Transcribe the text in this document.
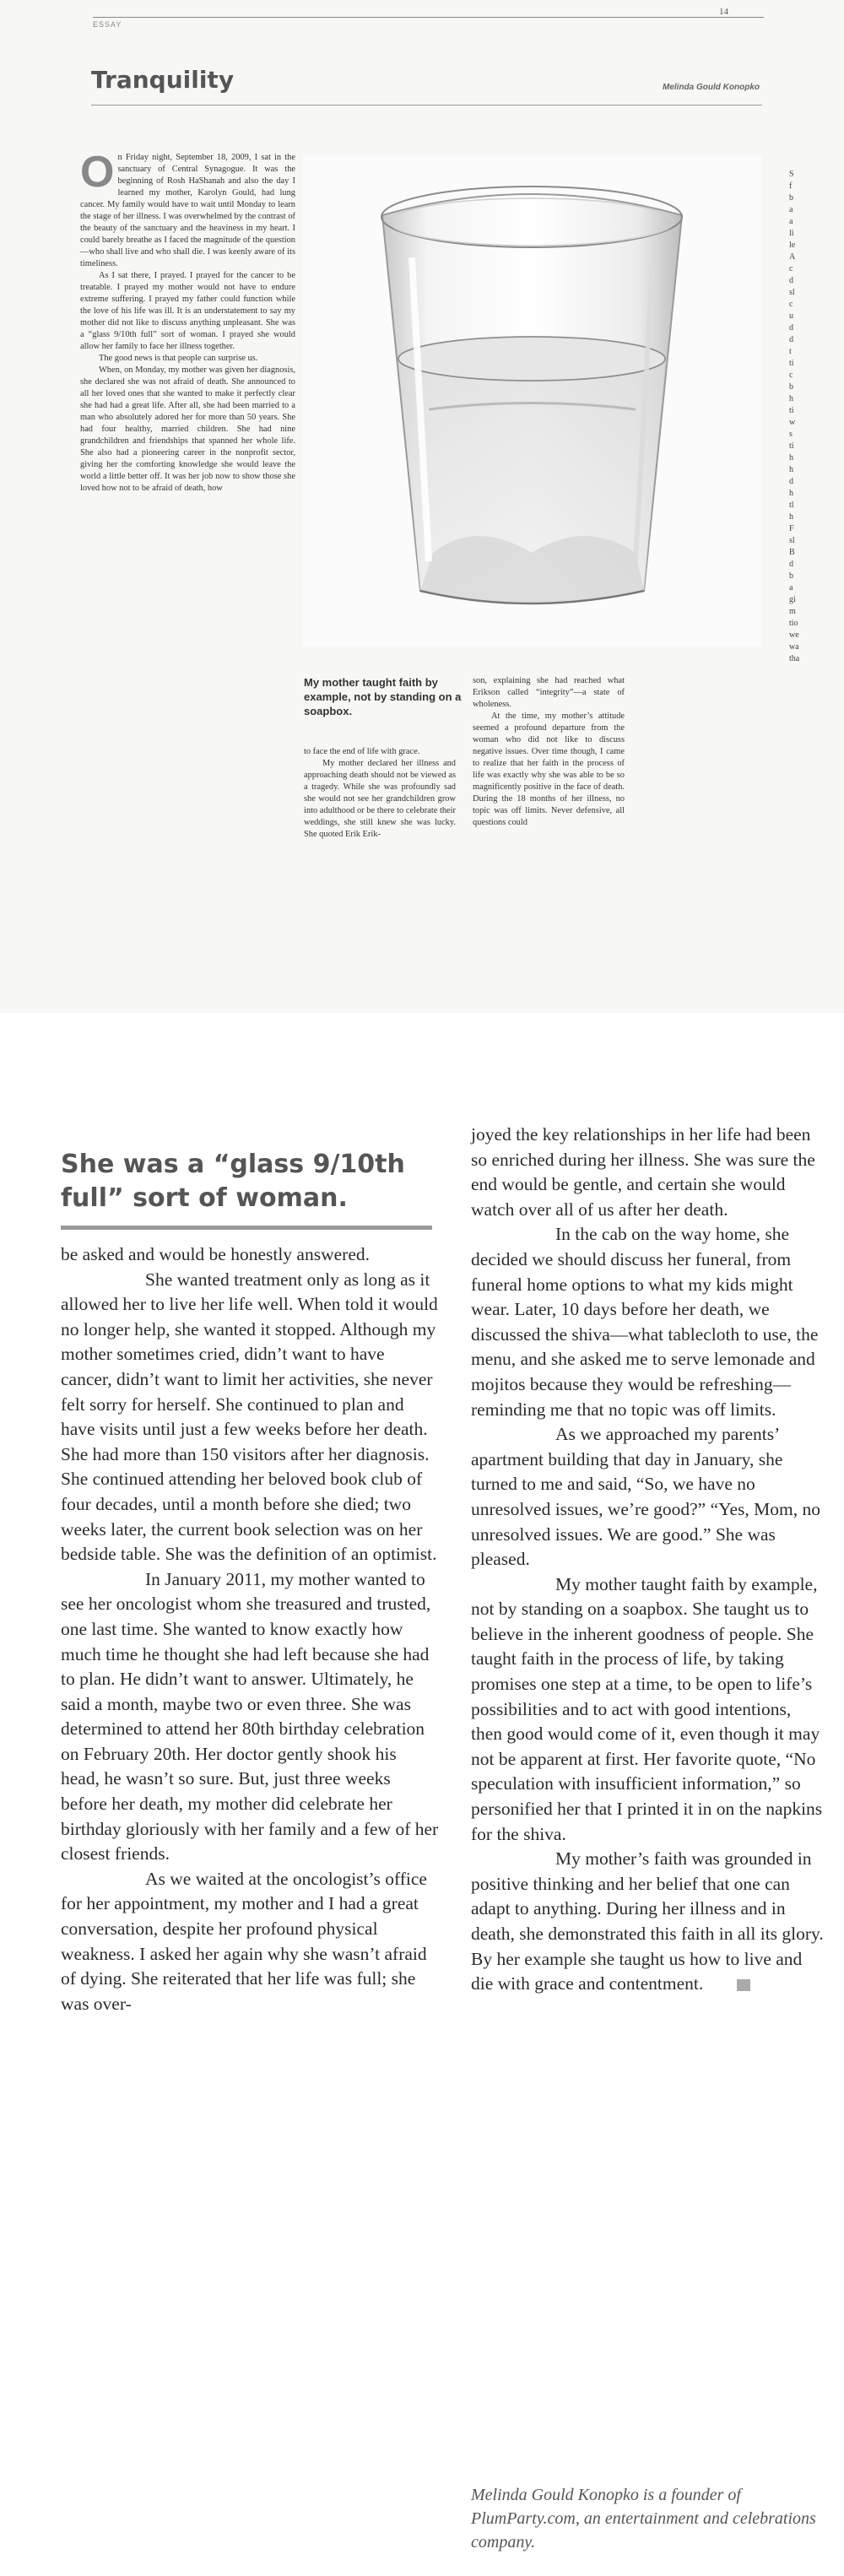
ESSAY
14
Tranquility	Melinda Gould Konopko
O n Friday night, September 18, 2009, I sat in the sanctuary of Central Synagogue. It was the beginning of Rosh HaShanah and also the day I learned my mother, Karolyn Gould, had lung cancer. My family would have to wait until Monday to learn the stage of her illness. I was overwhelmed by the contrast of the beauty of the sanctuary and the heaviness in my heart. I could barely breathe as I faced the magnitude of the question—who shall live and who shall die. I was keenly aware of its timeliness.

As I sat there, I prayed. I prayed for the cancer to be treatable. I prayed my mother would not have to endure extreme suffering. I prayed my father could function while the love of his life was ill. It is an understatement to say my mother did not like to discuss anything unpleasant. She was a “glass 9/10th full” sort of woman. I prayed she would allow her family to face her illness together.

The good news is that people can surprise us.

When, on Monday, my mother was given her diagnosis, she declared she was not afraid of death. She announced to all her loved ones that she wanted to make it perfectly clear she had had a great life. After all, she had been married to a man who absolutely adored her for more than 50 years. She had four healthy, married children. She had nine grandchildren and friendships that spanned her whole life. She also had a pioneering career in the nonprofit sector, giving her the comforting knowledge she would leave the world a little better off. It was her job now to show those she loved how not to be afraid of death, how

My mother taught faith by example, not by standing on a soapbox.

to face the end of life with grace.

My mother declared her illness and approaching death should not be viewed as a tragedy. While she was profoundly sad she would not see her grandchildren grow into adulthood or be there to celebrate their weddings, she still knew she was lucky. She quoted Erik Erik-

son, explaining she had reached what Erikson called “integrity”—a state of wholeness.

At the time, my mother’s attitude seemed a profound departure from the woman who did not like to discuss negative issues. Over time though, I came to realize that her faith in the process of life was exactly why she was able to be so magnificently positive in the face of death. During the 18 months of her illness, no topic was off limits. Never defensive, all questions could

S
f
b
a
a
li
le
A
c
d
sl
c
u
d
d
t
ti
c
b
h
ti
w
s
ti
h
h
d
h
tl
h
F
sl
B
d
b
a
gi
m
tio
we
wa
tha

She was a “glass 9/10th full” sort of woman.

be asked and would be honestly answered.

She wanted treatment only as long as it allowed her to live her life well. When told it would no longer help, she wanted it stopped. Although my mother sometimes cried, didn’t want to have cancer, didn’t want to limit her activities, she never felt sorry for herself. She continued to plan and have visits until just a few weeks before her death. She had more than 150 visitors after her diagnosis. She continued attending her beloved book club of four decades, until a month before she died; two weeks later, the current book selection was on her bedside table. She was the definition of an optimist.

In January 2011, my mother wanted to see her oncologist whom she treasured and trusted, one last time. She wanted to know exactly how much time he thought she had left because she had to plan. He didn’t want to answer. Ultimately, he said a month, maybe two or even three. She was determined to attend her 80th birthday celebration on February 20th. Her doctor gently shook his head, he wasn’t so sure. But, just three weeks before her death, my mother did celebrate her birthday gloriously with her family and a few of her closest friends.

As we waited at the oncologist’s office for her appointment, my mother and I had a great conversation, despite her profound physical weakness. I asked her again why she wasn’t afraid of dying. She reiterated that her life was full; she was over-

joyed the key relationships in her life had been so enriched during her illness. She was sure the end would be gentle, and certain she would watch over all of us after her death.

In the cab on the way home, she decided we should discuss her funeral, from funeral home options to what my kids might wear. Later, 10 days before her death, we discussed the shiva—what tablecloth to use, the menu, and she asked me to serve lemonade and mojitos because they would be refreshing—reminding me that no topic was off limits.

As we approached my parents’ apartment building that day in January, she turned to me and said, “So, we have no unresolved issues, we’re good?” “Yes, Mom, no unresolved issues. We are good.” She was pleased.

My mother taught faith by example, not by standing on a soapbox. She taught us to believe in the inherent goodness of people. She taught faith in the process of life, by taking promises one step at a time, to be open to life’s possibilities and to act with good intentions, then good would come of it, even though it may not be apparent at first. Her favorite quote, “No speculation with insufficient information,” so personified her that I printed it in on the napkins for the shiva.

My mother’s faith was grounded in positive thinking and her belief that one can adapt to anything. During her illness and in death, she demonstrated this faith in all its glory. By her example she taught us how to live and die with grace and contentment.

Melinda Gould Konopko is a founder of PlumParty.com, an entertainment and celebrations company.
